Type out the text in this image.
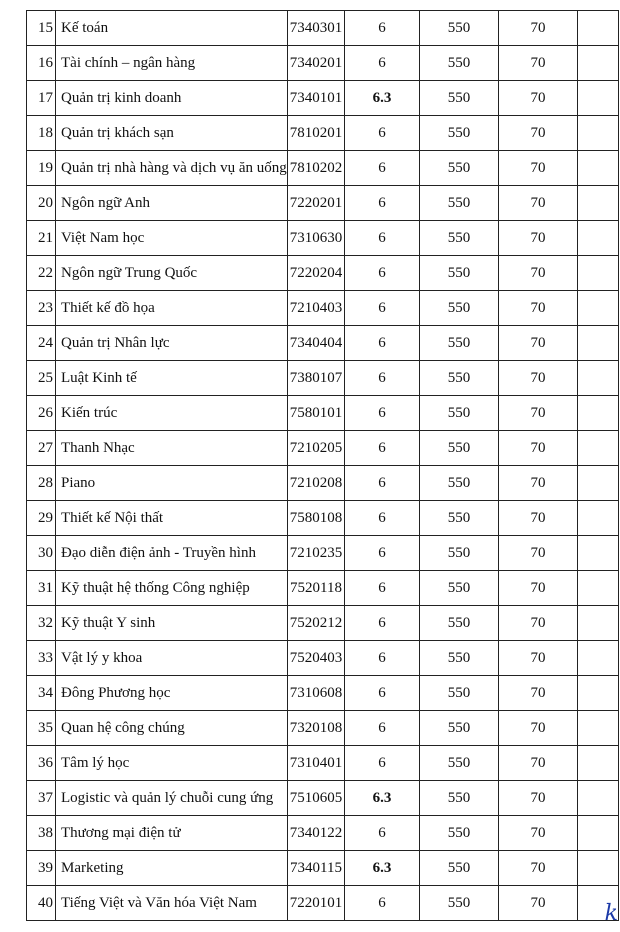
15	Kế toán	7340301	6	550	70	
16	Tài chính – ngân hàng	7340201	6	550	70	
17	Quản trị kinh doanh	7340101	6.3	550	70	
18	Quản trị khách sạn	7810201	6	550	70	
19	Quản trị nhà hàng và dịch vụ ăn uống	7810202	6	550	70	
20	Ngôn ngữ Anh	7220201	6	550	70	
21	Việt Nam học	7310630	6	550	70	
22	Ngôn ngữ Trung Quốc	7220204	6	550	70	
23	Thiết kế đồ họa	7210403	6	550	70	
24	Quản trị Nhân lực	7340404	6	550	70	
25	Luật Kinh tế	7380107	6	550	70	
26	Kiến trúc	7580101	6	550	70	
27	Thanh Nhạc	7210205	6	550	70	
28	Piano	7210208	6	550	70	
29	Thiết kế Nội thất	7580108	6	550	70	
30	Đạo diễn điện ảnh - Truyền hình	7210235	6	550	70	
31	Kỹ thuật hệ thống Công nghiệp	7520118	6	550	70	
32	Kỹ thuật Y sinh	7520212	6	550	70	
33	Vật lý y khoa	7520403	6	550	70	
34	Đông Phương học	7310608	6	550	70	
35	Quan hệ công chúng	7320108	6	550	70	
36	Tâm lý học	7310401	6	550	70	
37	Logistic và quản lý chuỗi cung ứng	7510605	6.3	550	70	
38	Thương mại điện tử	7340122	6	550	70	
39	Marketing	7340115	6.3	550	70	
40	Tiếng Việt và Văn hóa Việt Nam	7220101	6	550	70		k
